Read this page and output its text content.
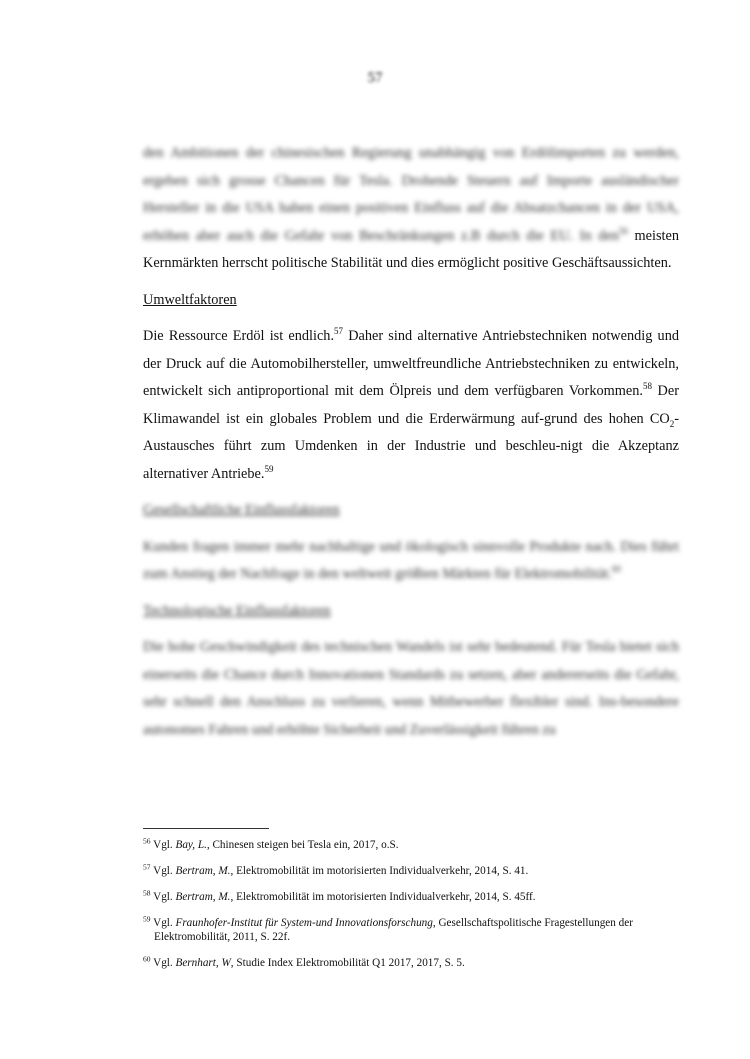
57

den Ambitionen der chinesischen Regierung unabhängig von Erdölimporten zu werden, ergeben sich grosse Chancen für Tesla. Drohende Steuern auf Importe ausländischer Hersteller in die USA haben einen positiven Einfluss auf die Absatzchancen in der USA, erhöhen aber auch die Gefahr von Beschränkungen z.B durch die EU. In den$^{56}$ meisten Kernmärkten herrscht politische Stabilität und dies ermöglicht positive Geschäftsaussichten.

Umweltfaktoren

Die Ressource Erdöl ist endlich.$^{57}$ Daher sind alternative Antriebstechniken notwendig und der Druck auf die Automobilhersteller, umweltfreundliche Antriebstechniken zu entwickeln, entwickelt sich antiproportional mit dem Ölpreis und dem verfügbaren Vorkommen.$^{58}$ Der Klimawandel ist ein globales Problem und die Erderwärmung auf-grund des hohen $CO_2$-Austausches führt zum Umdenken in der Industrie und beschleu-nigt die Akzeptanz alternativer Antriebe.$^{59}$

Gesellschaftliche Einflussfaktoren

Kunden fragen immer mehr nachhaltige und ökologisch sinnvolle Produkte nach. Dies führt zum Anstieg der Nachfrage in den weltweit größten Märkten für Elektromobilität.$^{60}$

Technologische Einflussfaktoren

Die hohe Geschwindigkeit des technischen Wandels ist sehr bedeutend. Für Tesla bietet sich einerseits die Chance durch Innovationen Standards zu setzen, aber andererseits die Gefahr, sehr schnell den Anschluss zu verlieren, wenn Mitbewerber flexibler sind. Ins-besondere autonomes Fahren und erhöhte Sicherheit und Zuverlässigkeit führen zu

$^{56}$ Vgl. Bay, L., Chinesen steigen bei Tesla ein, 2017, o.S.

$^{57}$ Vgl. Bertram, M., Elektromobilität im motorisierten Individualverkehr, 2014, S. 41.

$^{58}$ Vgl. Bertram, M., Elektromobilität im motorisierten Individualverkehr, 2014, S. 45ff.

$^{59}$ Vgl. Fraunhofer-Institut für System-und Innovationsforschung, Gesellschaftspolitische Fragestellungen der Elektromobilität, 2011, S. 22f.

$^{60}$ Vgl. Bernhart, W, Studie Index Elektromobilität Q1 2017, 2017, S. 5.
